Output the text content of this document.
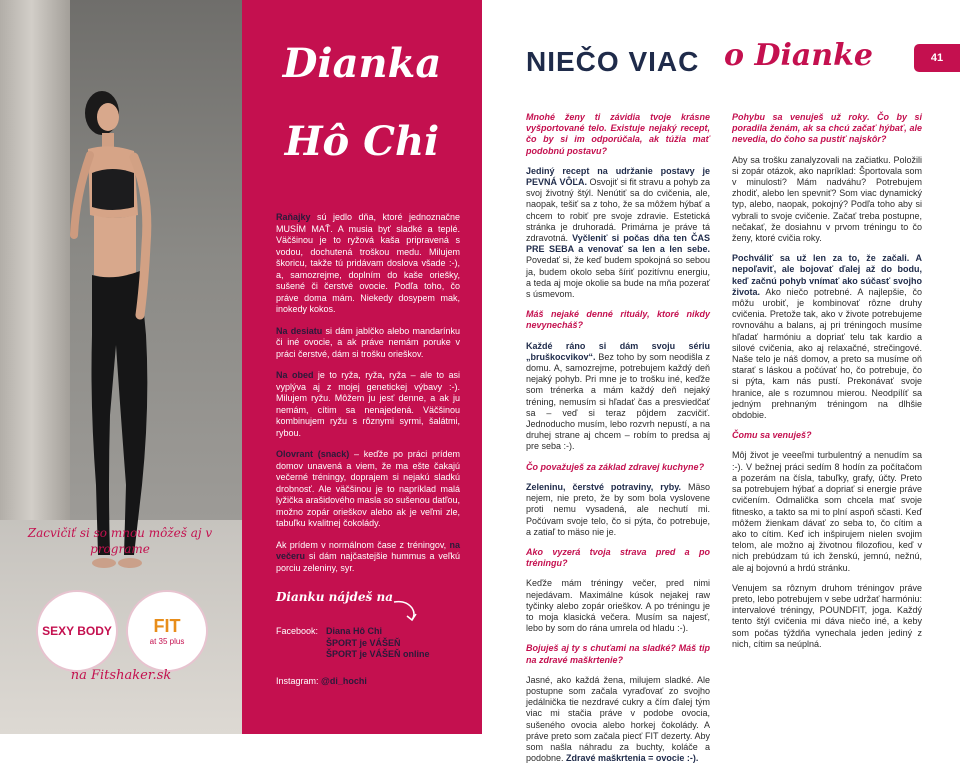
Zacvičiť si so mnou môžeš aj v programe
SEXY BODY FIT
at 35 plus
na Fitshaker.sk
Dianka
Hô Chi

Raňajky sú jedlo dňa, ktoré jednoznačne MUSÍM MAŤ. A musia byť sladké a teplé. Väčšinou je to ryžová kaša pripravená s vodou, dochutená troškou medu. Milujem škoricu, takže tú pridávam doslova všade :-), a, samozrejme, doplním do kaše oriešky, sušené či čerstvé ovocie. Podľa toho, čo práve doma mám. Niekedy dosypem mak, inokedy kokos.

Na desiatu si dám jablčko alebo mandarínku či iné ovocie, a ak práve nemám poruke v práci čerstvé, dám si trošku orieškov.

Na obed je to ryža, ryža, ryža – ale to asi vyplýva aj z mojej genetickej výbavy :-). Milujem ryžu. Môžem ju jesť denne, a ak ju nemám, cítim sa nenajedená. Väčšinou kombinujem ryžu s rôznymi syrmi, šalátmi, rybou.

Olovrant (snack) – keďže po práci prídem domov unavená a viem, že ma ešte čakajú večerné tréningy, doprajem si nejakú sladkú drobnosť. Ale väčšinou je to napríklad malá lyžička arašidového masla so sušenou datľou, možno zopár orieškov alebo ak je veľmi zle, tabuľku kvalitnej čokolády.

Ak prídem v normálnom čase z tréningov, na večeru si dám najčastejšie hummus a veľkú porciu zeleniny, syr.

Dianku nájdeš na
Facebook: Diana Hô Chi
ŠPORT je VÁŠEŇ
ŠPORT je VÁŠEŇ online
Instagram: @di_hochi
NIEČO VIAC o Dianke	41

Mnohé ženy ti závidia tvoje krásne vyšportované telo. Existuje nejaký recept, čo by si im odporúčala, ak túžia mať podobnú postavu?

Jediný recept na udržanie postavy je PEVNÁ VÔĽA. Osvojiť si fit stravu a pohyb za svoj životný štýl. Nenútiť sa do cvičenia, ale, naopak, tešiť sa z toho, že sa môžem hýbať a chcem to robiť pre svoje zdravie. Estetická stránka je druhoradá. Primárna je práve tá zdravotná. Vyčleniť si počas dňa ten ČAS PRE SEBA a venovať sa len a len sebe. Povedať si, že keď budem spokojná so sebou ja, budem okolo seba šíriť pozitívnu energiu, a teda aj moje okolie sa bude na mňa pozerať s úsmevom.

Máš nejaké denné rituály, ktoré nikdy nevynecháš?

Každé ráno si dám svoju sériu „bruškocvikov“. Bez toho by som neodišla z domu. A, samozrejme, potrebujem každý deň nejaký pohyb. Pri mne je to trošku iné, keďže som trénerka a mám každý deň nejaký tréning, nemusím si hľadať čas a presviedčať sa – veď si teraz pôjdem zacvičiť. Jednoducho musím, lebo rozvrh nepustí, a na druhej strane aj chcem – robím to predsa aj pre seba :-).

Čo považuješ za základ zdravej kuchyne?

Zeleninu, čerstvé potraviny, ryby. Mäso nejem, nie preto, že by som bola vyslovene proti nemu vysadená, ale nechutí mi. Počúvam svoje telo, čo si pýta, čo potrebuje, a zatiaľ to mäso nie je.

Ako vyzerá tvoja strava pred a po tréningu?

Keďže mám tréningy večer, pred nimi nejedávam. Maximálne kúsok nejakej raw tyčinky alebo zopár orieškov. A po tréningu je to moja klasická večera. Musím sa najesť, lebo by som do rána umrela od hladu :-).

Bojuješ aj ty s chuťami na sladké? Máš tip na zdravé maškrtenie?

Jasné, ako každá žena, milujem sladké. Ale postupne som začala vyraďovať zo svojho jedálnička tie nezdravé cukry a čím ďalej tým viac mi stačia práve v podobe ovocia, sušeného ovocia alebo horkej čokolády. A práve preto som začala piecť FIT dezerty. Aby som našla náhradu za buchty, koláče a podobne. Zdravé maškrtenia = ovocie :-).

Pohybu sa venuješ už roky. Čo by si poradila ženám, ak sa chcú začať hýbať, ale nevedia, do čoho sa pustiť najskôr?

Aby sa trošku zanalyzovali na začiatku. Položili si zopár otázok, ako napríklad: Športovala som v minulosti? Mám nadváhu? Potrebujem zhodiť, alebo len spevniť? Som viac dynamický typ, alebo, naopak, pokojný? Podľa toho aby si vybrali to svoje cvičenie. Začať treba postupne, nečakať, že dosiahnu v prvom tréningu to čo ženy, ktoré cvičia roky.

Pochváliť sa už len za to, že začali. A nepoľaviť, ale bojovať ďalej až do bodu, keď začnú pohyb vnímať ako súčasť svojho života. Ako niečo potrebné. A najlepšie, čo môžu urobiť, je kombinovať rôzne druhy cvičenia. Pretože tak, ako v živote potrebujeme rovnováhu a balans, aj pri tréningoch musíme hľadať harmóniu a dopriať telu tak kardio a silové cvičenia, ako aj relaxačné, strečingové. Naše telo je náš domov, a preto sa musíme oň starať s láskou a počúvať ho, čo potrebuje, čo si pýta, kam nás pustí. Prekonávať svoje hranice, ale s rozumnou mierou. Neodpílíť sa jedným prehnaným tréningom na dlhšie obdobie.

Čomu sa venuješ?

Môj život je veeeľmi turbulentný a nenudím sa :-). V bežnej práci sedím 8 hodín za počítačom a pozerám na čísla, tabuľky, grafy, účty. Preto sa potrebujem hýbať a dopriať si energie práve cvičením. Odmalička som chcela mať svoje fitnesko, a takto sa mi to plní aspoň sčasti. Keď môžem žienkam dávať zo seba to, čo cítim a ako to cítim. Keď ich inšpirujem nielen svojim telom, ale možno aj životnou filozofiou, keď v nich prebúdzam tú ich ženskú, jemnú, nežnú, ale aj bojovnú a hrdú stránku.

Venujem sa rôznym druhom tréningov práve preto, lebo potrebujem v sebe udržať harmóniu: intervalové tréningy, POUNDFIT, joga. Každý tento štýl cvičenia mi dáva niečo iné, a keby som počas týždňa vynechala jeden jediný z nich, cítim sa neúplná.
